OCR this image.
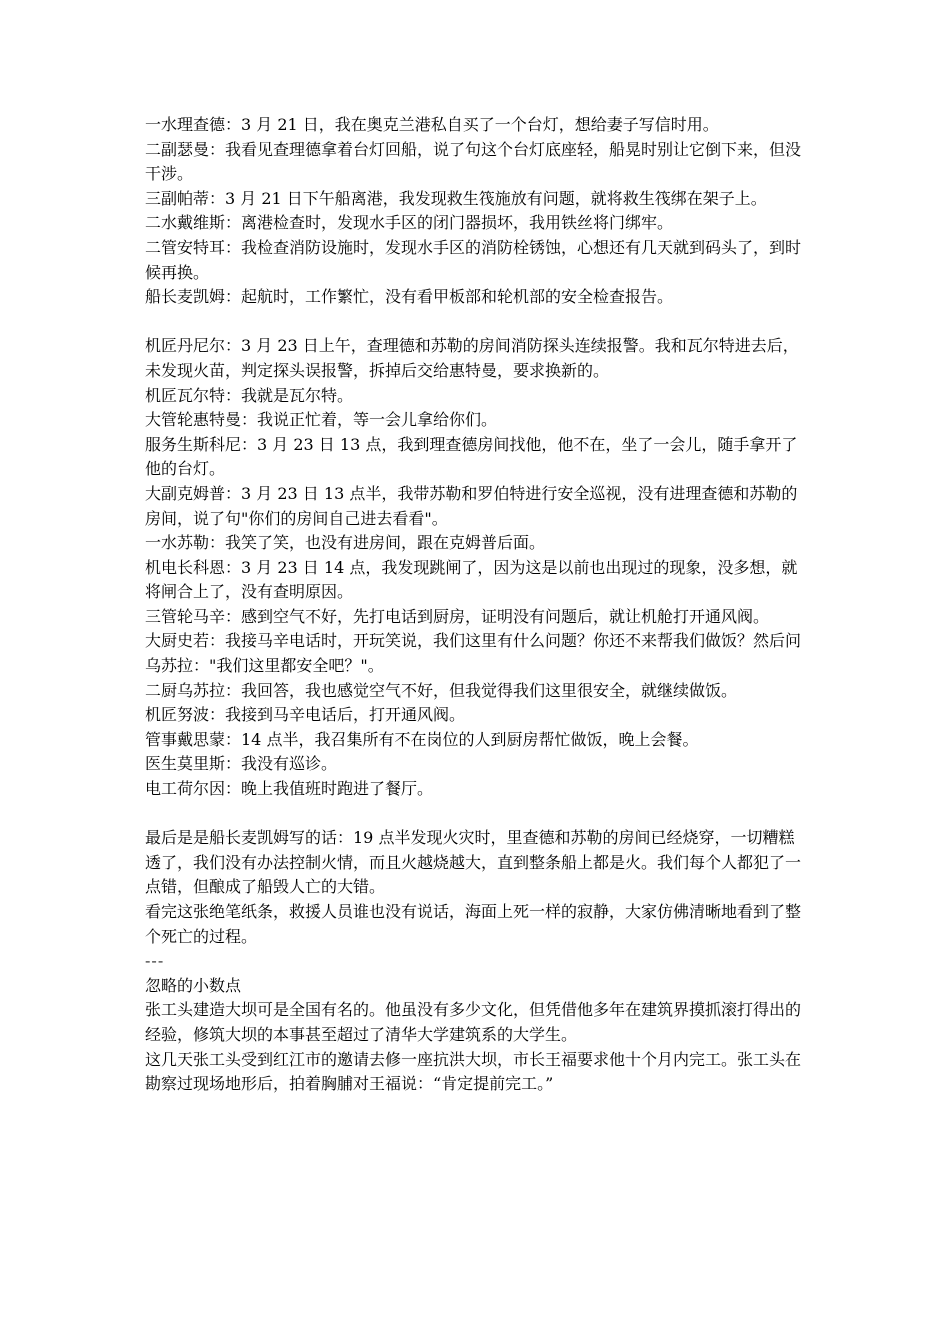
一水理查德：3 月 21 日，我在奥克兰港私自买了一个台灯，想给妻子写信时用。

二副瑟曼：我看见查理德拿着台灯回船，说了句这个台灯底座轻，船晃时别让它倒下来，但没干涉。

三副帕蒂：3 月 21 日下午船离港，我发现救生筏施放有问题，就将救生筏绑在架子上。

二水戴维斯：离港检查时，发现水手区的闭门器损坏，我用铁丝将门绑牢。

二管安特耳：我检查消防设施时，发现水手区的消防栓锈蚀，心想还有几天就到码头了，到时候再换。

船长麦凯姆：起航时，工作繁忙，没有看甲板部和轮机部的安全检查报告。

机匠丹尼尔：3 月 23 日上午，查理德和苏勒的房间消防探头连续报警。我和瓦尔特进去后，未发现火苗，判定探头误报警，拆掉后交给惠特曼，要求换新的。

机匠瓦尔特：我就是瓦尔特。

大管轮惠特曼：我说正忙着，等一会儿拿给你们。

服务生斯科尼：3 月 23 日 13 点，我到理查德房间找他，他不在，坐了一会儿，随手拿开了他的台灯。

大副克姆普：3 月 23 日 13 点半，我带苏勒和罗伯特进行安全巡视，没有进理查德和苏勒的房间，说了句"你们的房间自己进去看看"。

一水苏勒：我笑了笑，也没有进房间，跟在克姆普后面。

机电长科恩：3 月 23 日 14 点，我发现跳闸了，因为这是以前也出现过的现象，没多想，就将闸合上了，没有查明原因。

三管轮马辛：感到空气不好，先打电话到厨房，证明没有问题后，就让机舱打开通风阀。

大厨史若：我接马辛电话时，开玩笑说，我们这里有什么问题？你还不来帮我们做饭？然后问乌苏拉："我们这里都安全吧？"。

二厨乌苏拉：我回答，我也感觉空气不好，但我觉得我们这里很安全，就继续做饭。

机匠努波：我接到马辛电话后，打开通风阀。

管事戴思蒙：14 点半，我召集所有不在岗位的人到厨房帮忙做饭，晚上会餐。

医生莫里斯：我没有巡诊。

电工荷尔因：晚上我值班时跑进了餐厅。

最后是是船长麦凯姆写的话：19 点半发现火灾时，里查德和苏勒的房间已经烧穿，一切糟糕透了，我们没有办法控制火情，而且火越烧越大，直到整条船上都是火。我们每个人都犯了一点错，但酿成了船毁人亡的大错。

看完这张绝笔纸条，救援人员谁也没有说话，海面上死一样的寂静，大家仿佛清晰地看到了整个死亡的过程。

---

忽略的小数点

张工头建造大坝可是全国有名的。他虽没有多少文化，但凭借他多年在建筑界摸抓滚打得出的经验，修筑大坝的本事甚至超过了清华大学建筑系的大学生。

这几天张工头受到红江市的邀请去修一座抗洪大坝，市长王福要求他十个月内完工。张工头在勘察过现场地形后，拍着胸脯对王福说：“肯定提前完工。”
